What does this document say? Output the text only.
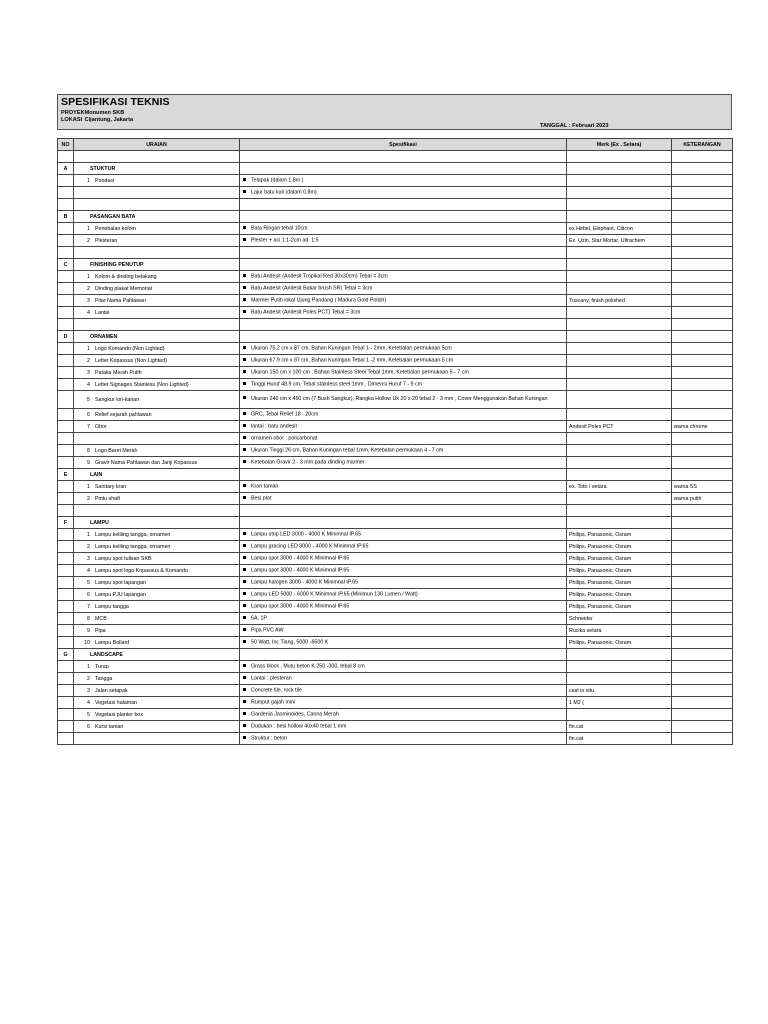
SPESIFIKASI TEKNIS
PROYEK Monumen SKB
LOKASI Cijantung, Jakarta
TANGGAL : Februari 2023
NO	URAIAN	Spesifikasi	Merk (Ex . Setara)	KETERANGAN

A	STUKTUR			
	1 Pondasi	Telapak (dalam 1.8m )		
		Lajur batu kali (dalam 0.8m)		

B	PASANGAN BATA			
	1 Penebalan kolom	Bata Ringan tebal 10cm	ex.Hebel, Elephant, Citicon	
	2 Plesteran	Plester + aci 1:1-2cm ad. 1:5	Ex. Uzin, Star Mortar, Ultrachem	

C	FINISHING PENUTUP			
	1 Kolom & dinding belakang	Batu Andesit (Andesit Tropikal Red 30x30cm) Tebal = 3cm		
	2 Dinding plakat Memorial	Batu Andesit (Andesit Bakar brush SR) Tebal = 3cm		
	3 Pilar Nama Pahlawan	Marmer Putih lokal Ujung Pandang ( Madura Gold Polish)	Tuscany, finish polished	
	4 Lantai	Batu Andesit (Andesit Poles PCT) Tebal = 3cm		

D	ORNAMEN			
	1 Logo Komando (Non Lighted)	Ukuran 75.2 cm x 87 cm, Bahan Kuningan Tebal 1 - 2mm, Ketebalan permukaan 5cm		
	2 Letter Kopassus (Non Lighted)	Ukuran 67.9 cm x 87 cm, Bahan Kuningan Tebal 1 -2 mm, Ketebalan permukaan 5 cm		
	3 Pataka Merah Putih	Ukuran 150 cm x 100 cm , Bahan Stainless Steel Tebal 1mm, Ketebalan permukaan 5 - 7 cm		
	4 Letter Signages Stainless (Non Lighted)	Tinggi Huruf 48.9 cm, Tebal stainless steel 1mm , Dimensi Huruf 7 - 9 cm		
	5 Sangkur kiri-kanan	Ukuran 240 cm x 450 cm (7 Bush Sangkur), Rangka Hollow Uk 20 x 20 tebal 2 - 3 mm , Cover Menggunakan Bahan Kuningan		
	6 Relief sejarah pahlawan	GRC, Tebal Relief 18 - 20cm		
	7 Obor	lantai : batu andesit	Andesit Poles PCT	warna chrome
		ornamen obor : policarbonat		
	8 Logo Baret Merah	Ukuran Tinggi 26 cm, Bahan Kuningan tebal 1mm, Ketebalan permukaan 4 - 7 cm		
	9 Gravir Nama Pahlawan dan Janji Kopassus	Ketebalan Gravir 2 - 3 mm pada dinding marmer		
E	LAIN			
	1 Sanitary kran	Kran taman	ex. Toto / setara	warna SS
	2 Pintu shaft	Besi plat		warna putih

F	LAMPU			
	1 Lampu keliling tangga, ornamen	Lampu strip LED 3000 - 4000 K Minimnal IP.65	Philips, Panasonic, Osram	
	2 Lampu keliling tangga, ornamen	Lampu gracing LED 3000 - 4000 K Minimnal IP.65	Philips, Panasonic, Osram	
	3 Lampu spot tulisan SKB	Lampu spot 3000 - 4000 K Minimnal IP.65	Philips, Panasonic, Osram	
	4 Lampu spot logo Kopassus & Komando	Lampu spot 3000 - 4000 K Minimnal IP.65	Philips, Panasonic, Osram	
	5 Lampu spot lapangan	Lampu halogen 3000 - 4000 K Minimnal IP.65	Philips, Panasonic, Osram	
	6 Lampu PJU lapangan	Lampu LED 5000 - 6000 K Minimnal IP.65 (Minimun 130 Lumen / Watt)	Philips, Panasonic, Osram	
	7 Lampu tangga	Lampu spot 3000 - 4000 K Minimnal IP.65	Philips, Panasonic, Osram	
	8 MCB	6A, 1P	Schneider	
	9 Pipa	Pipa PVC AW	Rucika setara	
	10 Lampu Bollard	50 Watt, Inc Tiang, 5000 -6500 K	Philips, Panasonic, Osram	
G	LANDSCAPE			
	1 Turap	Grass block , Mutu beton K 250 -300, tebal 8 cm		
	2 Tangga	Lantai : plesteran		
	3 Jalan setapak	Concrete tile, rock tile	cast in situ	
	4 Vegetasi halaman	Rumput gajah mini	1 M2 (	
	5 Vegetasi planter box	Gardenia Jasminoides, Canna Merah		
	6 Kursi taman	Dudukan : besi hollow 40x40 tebal 1 mm	fin.cat	
		Struktur : beton	fin.cat	
